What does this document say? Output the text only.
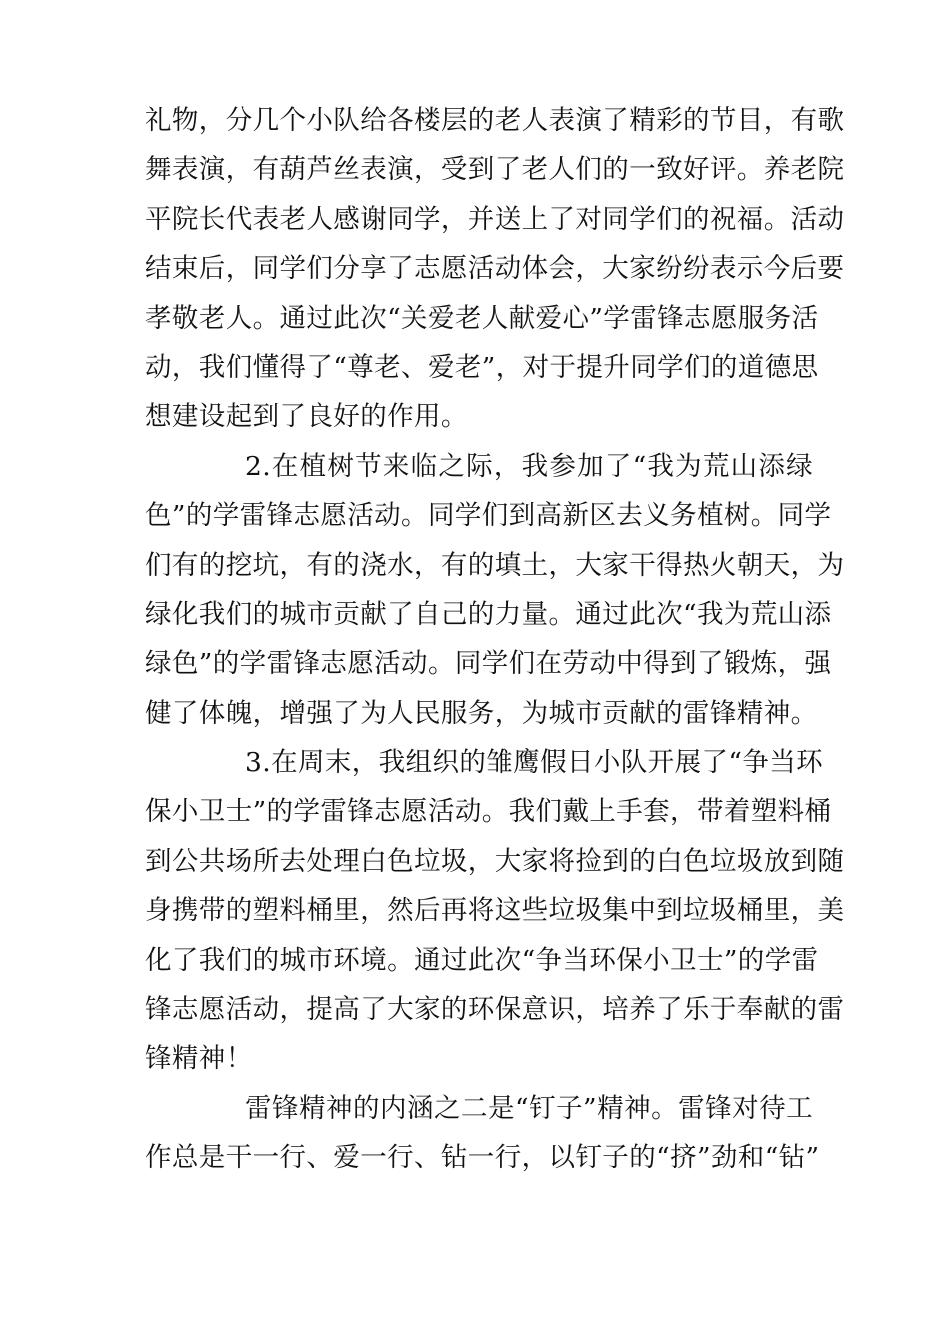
礼物，分几个小队给各楼层的老人表演了精彩的节目，有歌
舞表演，有葫芦丝表演，受到了老人们的一致好评。养老院
平院长代表老人感谢同学，并送上了对同学们的祝福。活动
结束后，同学们分享了志愿活动体会，大家纷纷表示今后要
孝敬老人。通过此次“关爱老人献爱心”学雷锋志愿服务活
动，我们懂得了“尊老、爱老”，对于提升同学们的道德思
想建设起到了良好的作用。
2.在植树节来临之际，我参加了“我为荒山添绿
色”的学雷锋志愿活动。同学们到高新区去义务植树。同学
们有的挖坑，有的浇水，有的填土，大家干得热火朝天，为
绿化我们的城市贡献了自己的力量。通过此次“我为荒山添
绿色”的学雷锋志愿活动。同学们在劳动中得到了锻炼，强
健了体魄，增强了为人民服务，为城市贡献的雷锋精神。
3.在周末，我组织的雏鹰假日小队开展了“争当环
保小卫士”的学雷锋志愿活动。我们戴上手套，带着塑料桶
到公共场所去处理白色垃圾，大家将捡到的白色垃圾放到随
身携带的塑料桶里，然后再将这些垃圾集中到垃圾桶里，美
化了我们的城市环境。通过此次“争当环保小卫士”的学雷
锋志愿活动，提高了大家的环保意识，培养了乐于奉献的雷
锋精神！
雷锋精神的内涵之二是“钉子”精神。雷锋对待工
作总是干一行、爱一行、钻一行，以钉子的“挤”劲和“钻”
